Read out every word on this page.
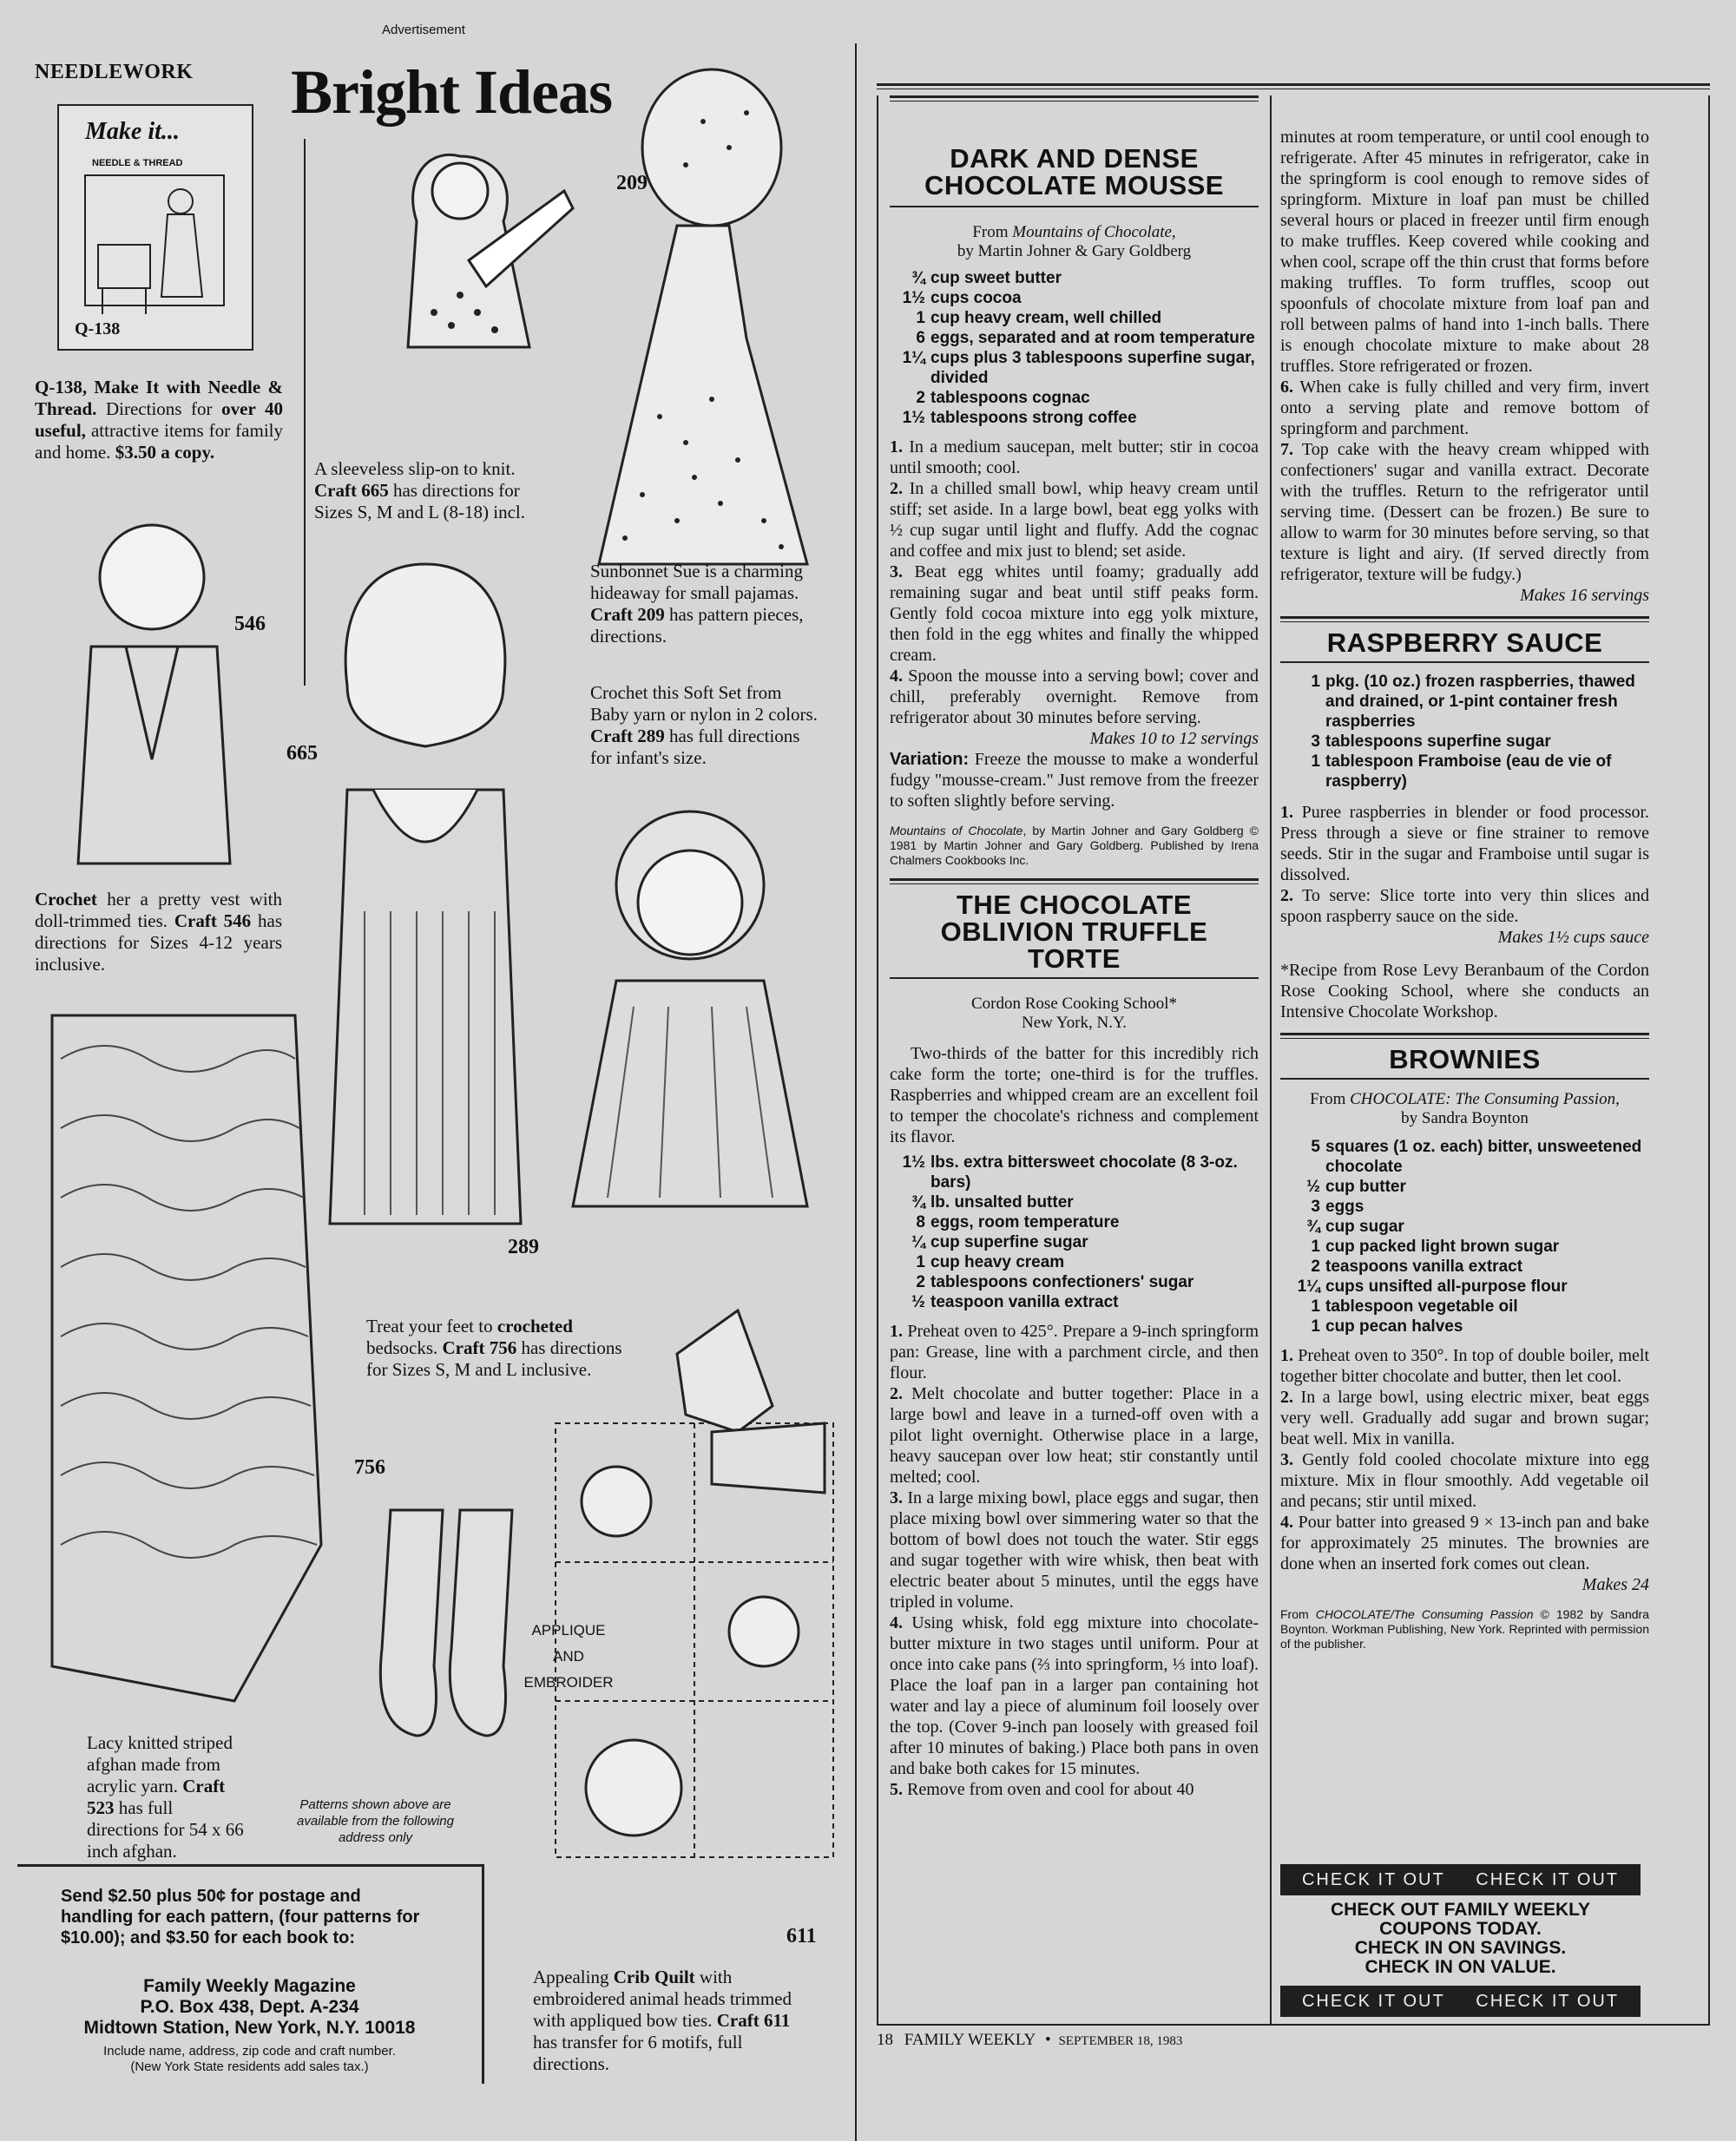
Advertisement
NEEDLEWORK Bright Ideas
Make it...
NEEDLE & THREAD
Q-138
Q-138, Make It with Needle & Thread. Directions for over 40 useful, attractive items for family and home. $3.50 a copy.
209
A sleeveless slip-on to knit. Craft 665 has directions for Sizes S, M and L (8-18) incl.
Sunbonnet Sue is a charming hideaway for small pajamas. Craft 209 has pattern pieces, directions.
Crochet this Soft Set from Baby yarn or nylon in 2 colors. Craft 289 has full directions for infant's size.
546
665
289
Crochet her a pretty vest with doll-trimmed ties. Craft 546 has directions for Sizes 4-12 years inclusive.
Treat your feet to crocheted bedsocks. Craft 756 has directions for Sizes S, M and L inclusive.
756
APPLIQUE AND EMBROIDER
611
Lacy knitted striped afghan made from acrylic yarn. Craft 523 has full directions for 54 x 66 inch afghan.
Patterns shown above are available from the following address only
Send $2.50 plus 50¢ for postage and handling for each pattern, (four patterns for $10.00); and $3.50 for each book to:
Family Weekly Magazine
P.O. Box 438, Dept. A-234
Midtown Station, New York, N.Y. 10018
Include name, address, zip code and craft number.
(New York State residents add sales tax.)
Appealing Crib Quilt with embroidered animal heads trimmed with appliqued bow ties. Craft 611 has transfer for 6 motifs, full directions.
DARK AND DENSE
CHOCOLATE MOUSSE
From Mountains of Chocolate,
by Martin Johner & Gary Goldberg
¾ cup sweet butter
1½ cups cocoa
1 cup heavy cream, well chilled
6 eggs, separated and at room temperature
1¼ cups plus 3 tablespoons superfine sugar, divided
2 tablespoons cognac
1½ tablespoons strong coffee

1. In a medium saucepan, melt butter; stir in cocoa until smooth; cool.

2. In a chilled small bowl, whip heavy cream until stiff; set aside. In a large bowl, beat egg yolks with ½ cup sugar until light and fluffy. Add the cognac and coffee and mix just to blend; set aside.

3. Beat egg whites until foamy; gradually add remaining sugar and beat until stiff peaks form. Gently fold cocoa mixture into egg yolk mixture, then fold in the egg whites and finally the whipped cream.

4. Spoon the mousse into a serving bowl; cover and chill, preferably overnight. Remove from refrigerator about 30 minutes before serving.
Makes 10 to 12 servings

Variation: Freeze the mousse to make a wonderful fudgy "mousse-cream." Just remove from the freezer to soften slightly before serving.
Mountains of Chocolate, by Martin Johner and Gary Goldberg © 1981 by Martin Johner and Gary Goldberg. Published by Irena Chalmers Cookbooks Inc.
THE CHOCOLATE
OBLIVION TRUFFLE
TORTE
Cordon Rose Cooking School*
New York, N.Y.
Two-thirds of the batter for this incredibly rich cake form the torte; one-third is for the truffles. Raspberries and whipped cream are an excellent foil to temper the chocolate's richness and complement its flavor.
1½ lbs. extra bittersweet chocolate (8 3-oz. bars)
¾ lb. unsalted butter
8 eggs, room temperature
¼ cup superfine sugar
1 cup heavy cream
2 tablespoons confectioners' sugar
½ teaspoon vanilla extract

1. Preheat oven to 425°. Prepare a 9-inch springform pan: Grease, line with a parchment circle, and then flour.

2. Melt chocolate and butter together: Place in a large bowl and leave in a turned-off oven with a pilot light overnight. Otherwise place in a large, heavy saucepan over low heat; stir constantly until melted; cool.

3. In a large mixing bowl, place eggs and sugar, then place mixing bowl over simmering water so that the bottom of bowl does not touch the water. Stir eggs and sugar together with wire whisk, then beat with electric beater about 5 minutes, until the eggs have tripled in volume.

4. Using whisk, fold egg mixture into chocolate-butter mixture in two stages until uniform. Pour at once into cake pans (⅔ into springform, ⅓ into loaf). Place the loaf pan in a larger pan containing hot water and lay a piece of aluminum foil loosely over the top. (Cover 9-inch pan loosely with greased foil after 10 minutes of baking.) Place both pans in oven and bake both cakes for 15 minutes.

5. Remove from oven and cool for about 40

minutes at room temperature, or until cool enough to refrigerate. After 45 minutes in refrigerator, cake in the springform is cool enough to remove sides of springform. Mixture in loaf pan must be chilled several hours or placed in freezer until firm enough to make truffles. Keep covered while cooking and when cool, scrape off the thin crust that forms before making truffles. To form truffles, scoop out spoonfuls of chocolate mixture from loaf pan and roll between palms of hand into 1-inch balls. There is enough chocolate mixture to make about 28 truffles. Store refrigerated or frozen.

6. When cake is fully chilled and very firm, invert onto a serving plate and remove bottom of springform and parchment.

7. Top cake with the heavy cream whipped with confectioners' sugar and vanilla extract. Decorate with the truffles. Return to the refrigerator until serving time. (Dessert can be frozen.) Be sure to allow to warm for 30 minutes before serving, so that texture is light and airy. (If served directly from refrigerator, texture will be fudgy.)

Makes 16 servings
RASPBERRY SAUCE
1 pkg. (10 oz.) frozen raspberries, thawed and drained, or 1-pint container fresh raspberries
3 tablespoons superfine sugar
1 tablespoon Framboise (eau de vie of raspberry)

1. Puree raspberries in blender or food processor. Press through a sieve or fine strainer to remove seeds. Stir in the sugar and Framboise until sugar is dissolved.

2. To serve: Slice torte into very thin slices and spoon raspberry sauce on the side.

Makes 1½ cups sauce
*Recipe from Rose Levy Beranbaum of the Cordon Rose Cooking School, where she conducts an Intensive Chocolate Workshop.
BROWNIES
From CHOCOLATE: The Consuming Passion,
by Sandra Boynton
5 squares (1 oz. each) bitter, unsweetened chocolate
½ cup butter
3 eggs
¾ cup sugar
1 cup packed light brown sugar
2 teaspoons vanilla extract
1¼ cups unsifted all-purpose flour
1 tablespoon vegetable oil
1 cup pecan halves

1. Preheat oven to 350°. In top of double boiler, melt together bitter chocolate and butter, then let cool.

2. In a large bowl, using electric mixer, beat eggs very well. Gradually add sugar and brown sugar; beat well. Mix in vanilla.

3. Gently fold cooled chocolate mixture into egg mixture. Mix in flour smoothly. Add vegetable oil and pecans; stir until mixed.

4. Pour batter into greased 9 × 13-inch pan and bake for approximately 25 minutes. The brownies are done when an inserted fork comes out clean.

Makes 24
From CHOCOLATE/The Consuming Passion © 1982 by Sandra Boynton. Workman Publishing, New York. Reprinted with permission of the publisher.
CHECK IT OUT CHECK IT OUT
CHECK OUT FAMILY WEEKLY
COUPONS TODAY.
CHECK IN ON SAVINGS.
CHECK IN ON VALUE.
CHECK IT OUT CHECK IT OUT
18 FAMILY WEEKLY • SEPTEMBER 18, 1983
